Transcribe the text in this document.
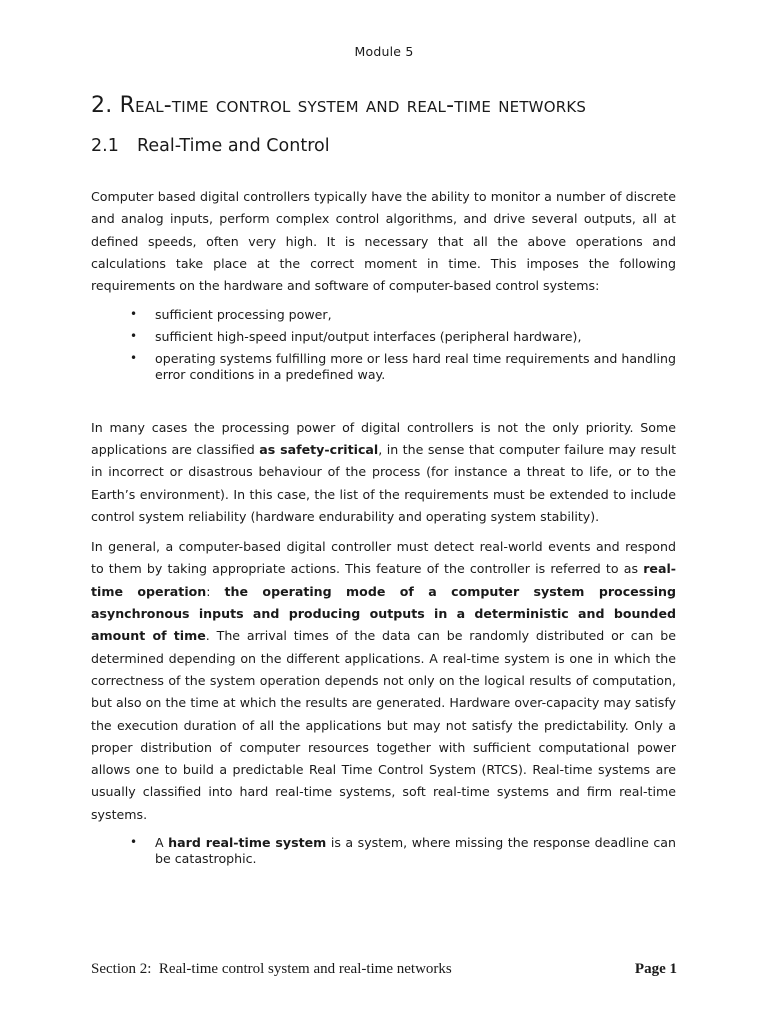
Module 5
2. Real-time control system and real-time networks
2.1 Real-Time and Control

Computer based digital controllers typically have the ability to monitor a number of discrete and analog inputs, perform complex control algorithms, and drive several outputs, all at defined speeds, often very high. It is necessary that all the above operations and calculations take place at the correct moment in time. This imposes the following requirements on the hardware and software of computer-based control systems:

• sufficient processing power,
• sufficient high-speed input/output interfaces (peripheral hardware),
• operating systems fulfilling more or less hard real time requirements and handling error conditions in a predefined way.

In many cases the processing power of digital controllers is not the only priority. Some applications are classified as safety-critical, in the sense that computer failure may result in incorrect or disastrous behaviour of the process (for instance a threat to life, or to the Earth’s environment). In this case, the list of the requirements must be extended to include control system reliability (hardware endurability and operating system stability).

In general, a computer-based digital controller must detect real-world events and respond to them by taking appropriate actions. This feature of the controller is referred to as real-time operation: the operating mode of a computer system processing asynchronous inputs and producing outputs in a deterministic and bounded amount of time. The arrival times of the data can be randomly distributed or can be determined depending on the different applications. A real-time system is one in which the correctness of the system operation depends not only on the logical results of computation, but also on the time at which the results are generated. Hardware over-capacity may satisfy the execution duration of all the applications but may not satisfy the predictability. Only a proper distribution of computer resources together with sufficient computational power allows one to build a predictable Real Time Control System (RTCS). Real-time systems are usually classified into hard real-time systems, soft real-time systems and firm real-time systems.

• A hard real-time system is a system, where missing the response deadline can be catastrophic.
Section 2: Real-time control system and real-time networks	Page 1
